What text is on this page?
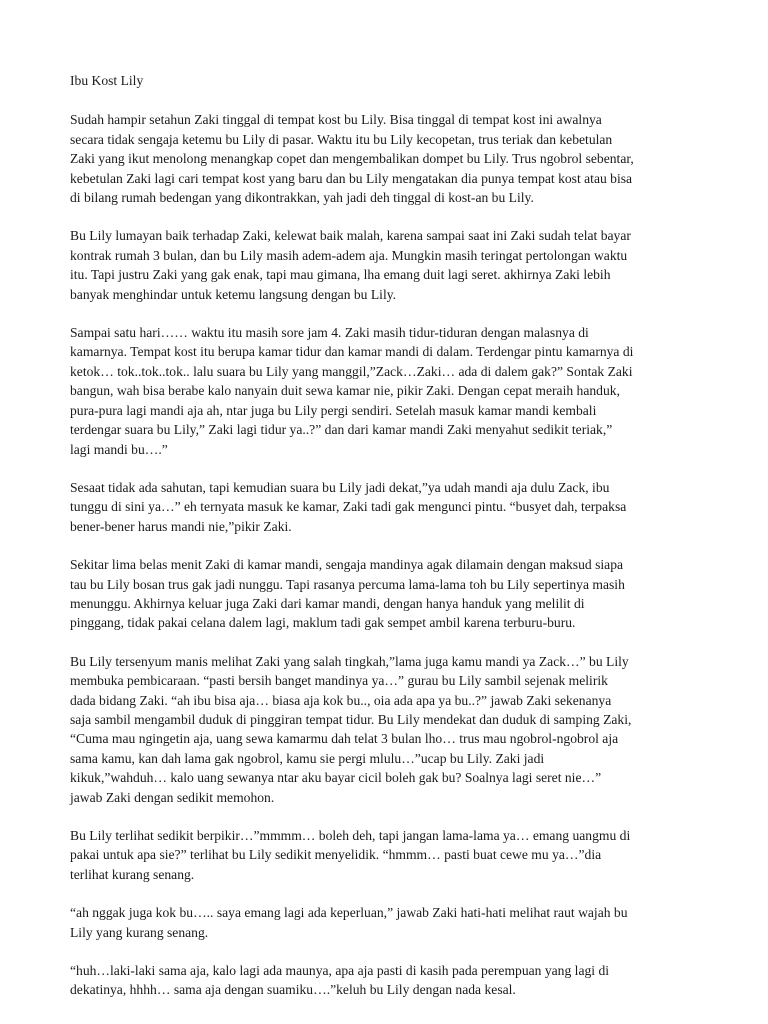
Ibu Kost Lily

Sudah hampir setahun Zaki tinggal di tempat kost bu Lily. Bisa tinggal di tempat kost ini awalnya
secara tidak sengaja ketemu bu Lily di pasar. Waktu itu bu Lily kecopetan, trus teriak dan kebetulan
Zaki yang ikut menolong menangkap copet dan mengembalikan dompet bu Lily. Trus ngobrol sebentar,
kebetulan Zaki lagi cari tempat kost yang baru dan bu Lily mengatakan dia punya tempat kost atau bisa
di bilang rumah bedengan yang dikontrakkan, yah jadi deh tinggal di kost-an bu Lily.

Bu Lily lumayan baik terhadap Zaki, kelewat baik malah, karena sampai saat ini Zaki sudah telat bayar
kontrak rumah 3 bulan, dan bu Lily masih adem-adem aja. Mungkin masih teringat pertolongan waktu
itu. Tapi justru Zaki yang gak enak, tapi mau gimana, lha emang duit lagi seret. akhirnya Zaki lebih
banyak menghindar untuk ketemu langsung dengan bu Lily.

Sampai satu hari…… waktu itu masih sore jam 4. Zaki masih tidur-tiduran dengan malasnya di
kamarnya. Tempat kost itu berupa kamar tidur dan kamar mandi di dalam. Terdengar pintu kamarnya di
ketok… tok..tok..tok.. lalu suara bu Lily yang manggil,”Zack…Zaki… ada di dalem gak?” Sontak Zaki
bangun, wah bisa berabe kalo nanyain duit sewa kamar nie, pikir Zaki. Dengan cepat meraih handuk,
pura-pura lagi mandi aja ah, ntar juga bu Lily pergi sendiri. Setelah masuk kamar mandi kembali
terdengar suara bu Lily,” Zaki lagi tidur ya..?” dan dari kamar mandi Zaki menyahut sedikit teriak,”
lagi mandi bu….”

Sesaat tidak ada sahutan, tapi kemudian suara bu Lily jadi dekat,”ya udah mandi aja dulu Zack, ibu
tunggu di sini ya…” eh ternyata masuk ke kamar, Zaki tadi gak mengunci pintu. “busyet dah, terpaksa
bener-bener harus mandi nie,”pikir Zaki.

Sekitar lima belas menit Zaki di kamar mandi, sengaja mandinya agak dilamain dengan maksud siapa
tau bu Lily bosan trus gak jadi nunggu. Tapi rasanya percuma lama-lama toh bu Lily sepertinya masih
menunggu. Akhirnya keluar juga Zaki dari kamar mandi, dengan hanya handuk yang melilit di
pinggang, tidak pakai celana dalem lagi, maklum tadi gak sempet ambil karena terburu-buru.

Bu Lily tersenyum manis melihat Zaki yang salah tingkah,”lama juga kamu mandi ya Zack…” bu Lily
membuka pembicaraan. “pasti bersih banget mandinya ya…” gurau bu Lily sambil sejenak melirik
dada bidang Zaki. “ah ibu bisa aja… biasa aja kok bu.., oia ada apa ya bu..?” jawab Zaki sekenanya
saja sambil mengambil duduk di pinggiran tempat tidur. Bu Lily mendekat dan duduk di samping Zaki,
“Cuma mau ngingetin aja, uang sewa kamarmu dah telat 3 bulan lho… trus mau ngobrol-ngobrol aja
sama kamu, kan dah lama gak ngobrol, kamu sie pergi mlulu…”ucap bu Lily. Zaki jadi
kikuk,”wahduh… kalo uang sewanya ntar aku bayar cicil boleh gak bu? Soalnya lagi seret nie…”
jawab Zaki dengan sedikit memohon.

Bu Lily terlihat sedikit berpikir…”mmmm… boleh deh, tapi jangan lama-lama ya… emang uangmu di
pakai untuk apa sie?” terlihat bu Lily sedikit menyelidik. “hmmm… pasti buat cewe mu ya…”dia
terlihat kurang senang.

“ah nggak juga kok bu….. saya emang lagi ada keperluan,” jawab Zaki hati-hati melihat raut wajah bu
Lily yang kurang senang.

“huh…laki-laki sama aja, kalo lagi ada maunya, apa aja pasti di kasih pada perempuan yang lagi di
dekatinya, hhhh… sama aja dengan suamiku….”keluh bu Lily dengan nada kesal.
